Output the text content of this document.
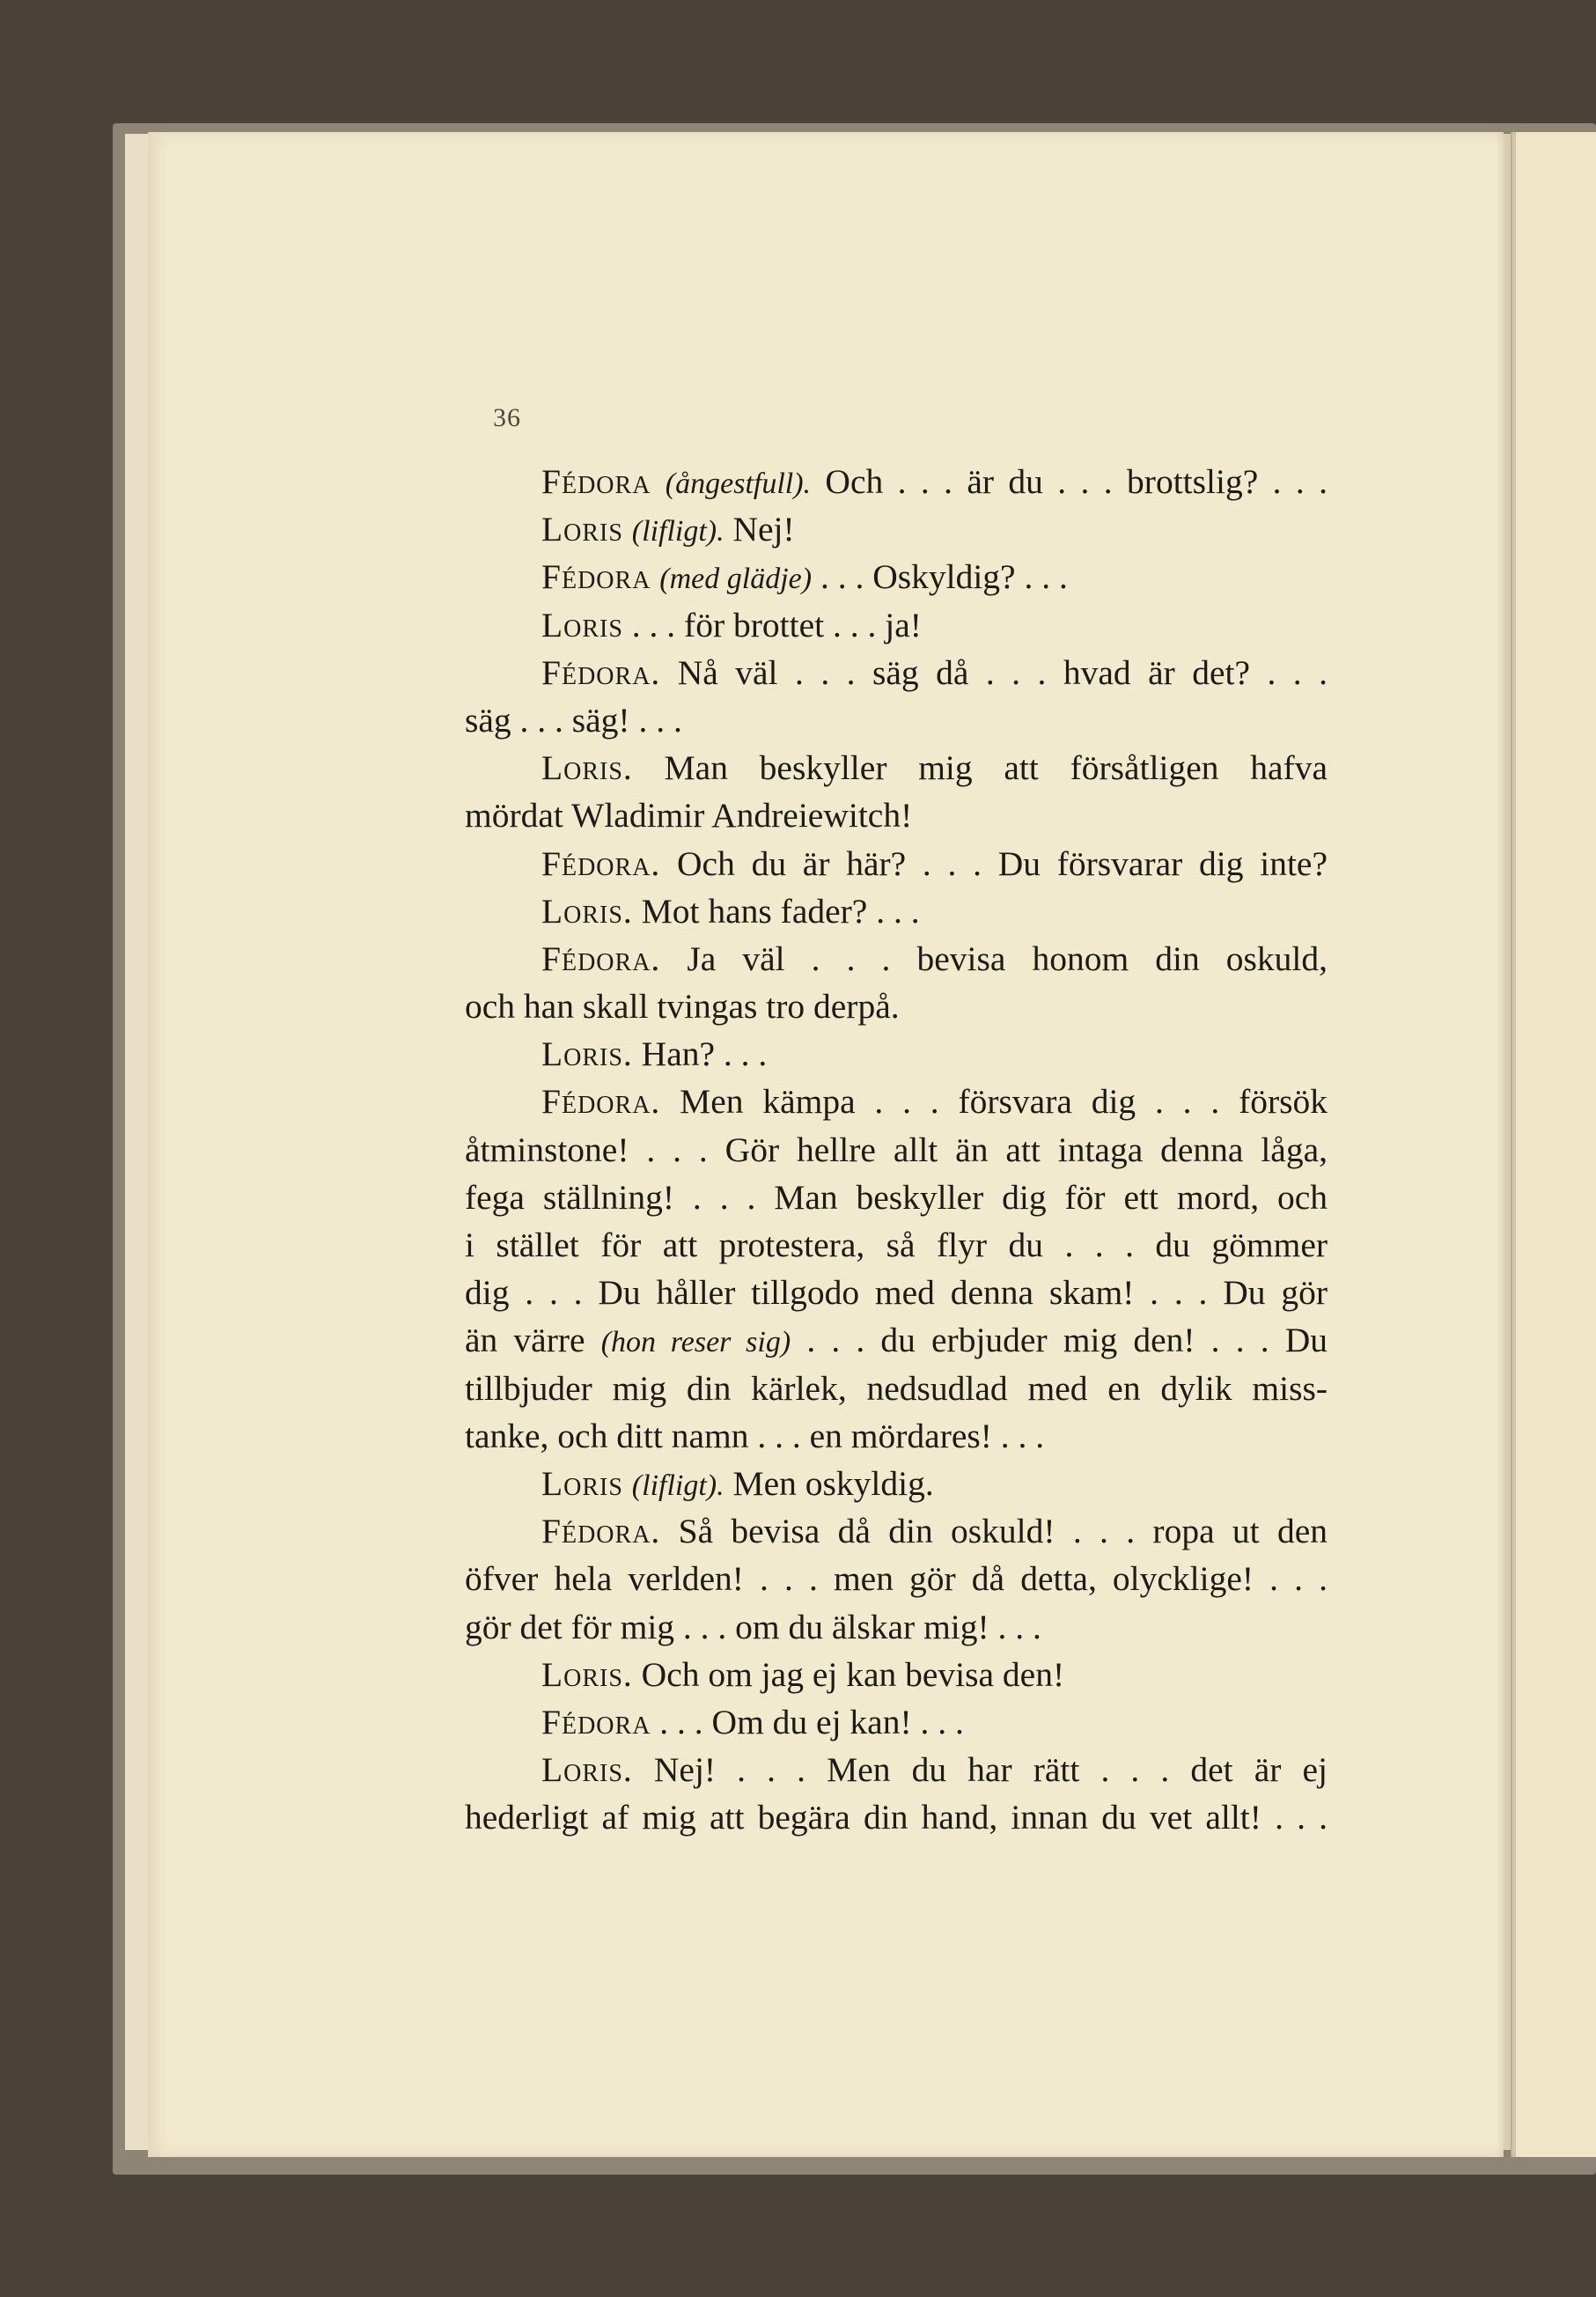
36
Fédora (ångestfull). Och . . . är du . . . brottslig? . . .
Loris (lifligt). Nej!
Fédora (med glädje) . . . Oskyldig? . . .
Loris . . . för brottet . . . ja!
Fédora. Nå väl . . . säg då . . . hvad är det? . . .
säg . . . säg! . . .
Loris. Man beskyller mig att försåtligen hafva
mördat Wladimir Andreiewitch!
Fédora. Och du är här? . . . Du försvarar dig inte?
Loris. Mot hans fader? . . .
Fédora. Ja väl . . . bevisa honom din oskuld,
och han skall tvingas tro derpå.
Loris. Han? . . .
Fédora. Men kämpa . . . försvara dig . . . försök
åtminstone! . . . Gör hellre allt än att intaga denna låga,
fega ställning! . . . Man beskyller dig för ett mord, och
i stället för att protestera, så flyr du . . . du gömmer
dig . . . Du håller tillgodo med denna skam! . . . Du gör
än värre (hon reser sig) . . . du erbjuder mig den! . . . Du
tillbjuder mig din kärlek, nedsudlad med en dylik miss-
tanke, och ditt namn . . . en mördares! . . .
Loris (lifligt). Men oskyldig.
Fédora. Så bevisa då din oskuld! . . . ropa ut den
öfver hela verlden! . . . men gör då detta, olycklige! . . .
gör det för mig . . . om du älskar mig! . . .
Loris. Och om jag ej kan bevisa den!
Fédora . . . Om du ej kan! . . .
Loris. Nej! . . . Men du har rätt . . . det är ej
hederligt af mig att begära din hand, innan du vet allt! . . .
